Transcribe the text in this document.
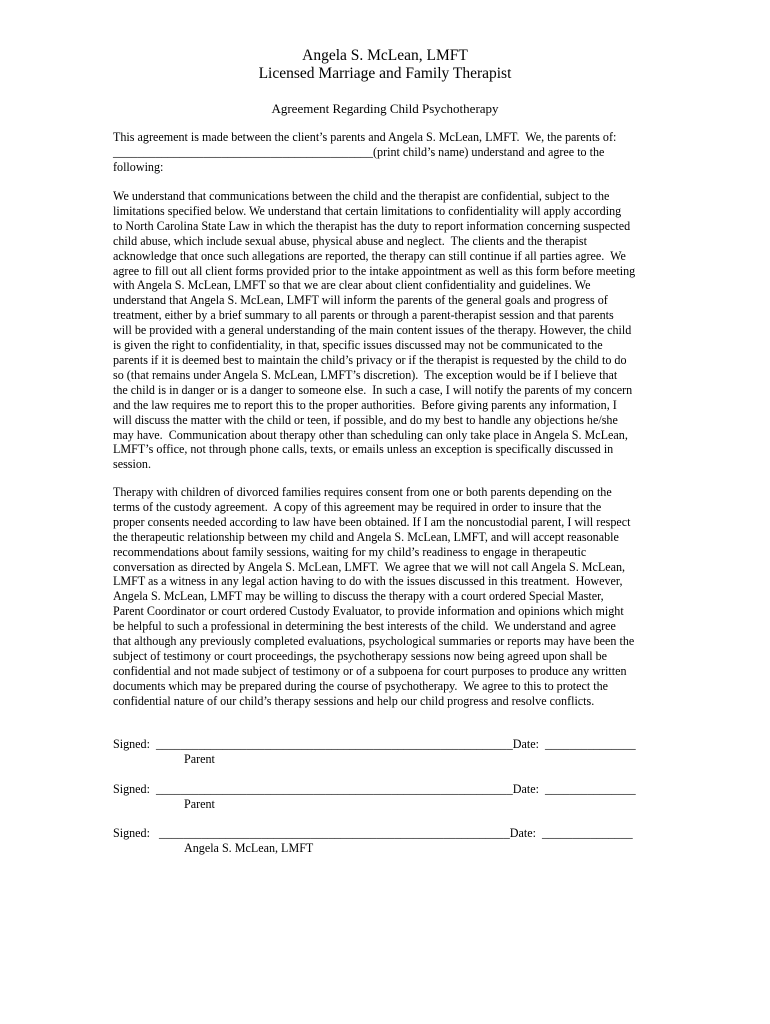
Angela S. McLean, LMFT
Licensed Marriage and Family Therapist
Agreement Regarding Child Psychotherapy
This agreement is made between the client’s parents and Angela S. McLean, LMFT.  We, the parents of:
___________________________________________(print child’s name) understand and agree to the
following:
We understand that communications between the child and the therapist are confidential, subject to the
limitations specified below. We understand that certain limitations to confidentiality will apply according
to North Carolina State Law in which the therapist has the duty to report information concerning suspected
child abuse, which include sexual abuse, physical abuse and neglect.  The clients and the therapist
acknowledge that once such allegations are reported, the therapy can still continue if all parties agree.  We
agree to fill out all client forms provided prior to the intake appointment as well as this form before meeting
with Angela S. McLean, LMFT so that we are clear about client confidentiality and guidelines. We
understand that Angela S. McLean, LMFT will inform the parents of the general goals and progress of
treatment, either by a brief summary to all parents or through a parent-therapist session and that parents
will be provided with a general understanding of the main content issues of the therapy. However, the child
is given the right to confidentiality, in that, specific issues discussed may not be communicated to the
parents if it is deemed best to maintain the child’s privacy or if the therapist is requested by the child to do
so (that remains under Angela S. McLean, LMFT’s discretion).  The exception would be if I believe that
the child is in danger or is a danger to someone else.  In such a case, I will notify the parents of my concern
and the law requires me to report this to the proper authorities.  Before giving parents any information, I
will discuss the matter with the child or teen, if possible, and do my best to handle any objections he/she
may have.  Communication about therapy other than scheduling can only take place in Angela S. McLean,
LMFT’s office, not through phone calls, texts, or emails unless an exception is specifically discussed in
session.
Therapy with children of divorced families requires consent from one or both parents depending on the
terms of the custody agreement.  A copy of this agreement may be required in order to insure that the
proper consents needed according to law have been obtained. If I am the noncustodial parent, I will respect
the therapeutic relationship between my child and Angela S. McLean, LMFT, and will accept reasonable
recommendations about family sessions, waiting for my child’s readiness to engage in therapeutic
conversation as directed by Angela S. McLean, LMFT.  We agree that we will not call Angela S. McLean,
LMFT as a witness in any legal action having to do with the issues discussed in this treatment.  However,
Angela S. McLean, LMFT may be willing to discuss the therapy with a court ordered Special Master,
Parent Coordinator or court ordered Custody Evaluator, to provide information and opinions which might
be helpful to such a professional in determining the best interests of the child.  We understand and agree
that although any previously completed evaluations, psychological summaries or reports may have been the
subject of testimony or court proceedings, the psychotherapy sessions now being agreed upon shall be
confidential and not made subject of testimony or of a subpoena for court purposes to produce any written
documents which may be prepared during the course of psychotherapy.  We agree to this to protect the
confidential nature of our child’s therapy sessions and help our child progress and resolve conflicts.
Signed:  ___________________________________________________________Date:  _______________
Parent
Signed:  ___________________________________________________________Date:  _______________
Parent
Signed:   __________________________________________________________Date:  _______________
Angela S. McLean, LMFT
